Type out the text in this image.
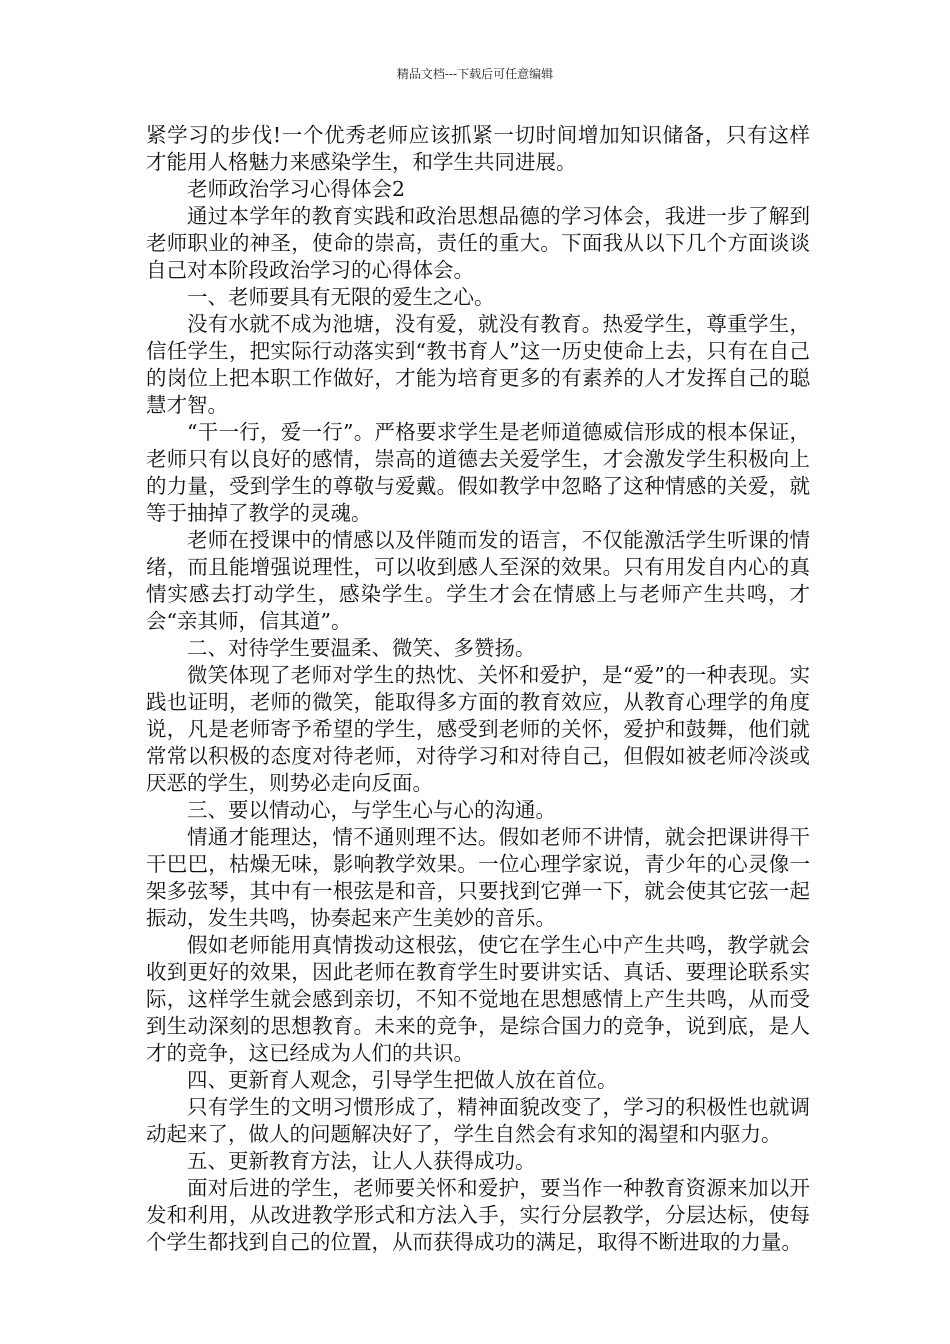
精品文档---下载后可任意编辑

紧学习的步伐!一个优秀老师应该抓紧一切时间增加知识储备，只有这样才能用人格魅力来感染学生，和学生共同进展。

老师政治学习心得体会2

通过本学年的教育实践和政治思想品德的学习体会，我进一步了解到老师职业的神圣，使命的崇高，责任的重大。下面我从以下几个方面谈谈自己对本阶段政治学习的心得体会。

一、老师要具有无限的爱生之心。

没有水就不成为池塘，没有爱，就没有教育。热爱学生，尊重学生，信任学生，把实际行动落实到“教书育人”这一历史使命上去，只有在自己的岗位上把本职工作做好，才能为培育更多的有素养的人才发挥自己的聪慧才智。

“干一行，爱一行”。严格要求学生是老师道德威信形成的根本保证，老师只有以良好的感情，崇高的道德去关爱学生，才会激发学生积极向上的力量，受到学生的尊敬与爱戴。假如教学中忽略了这种情感的关爱，就等于抽掉了教学的灵魂。

老师在授课中的情感以及伴随而发的语言，不仅能激活学生听课的情绪，而且能增强说理性，可以收到感人至深的效果。只有用发自内心的真情实感去打动学生，感染学生。学生才会在情感上与老师产生共鸣，才会“亲其师，信其道”。

二、对待学生要温柔、微笑、多赞扬。

微笑体现了老师对学生的热忱、关怀和爱护，是“爱”的一种表现。实践也证明，老师的微笑，能取得多方面的教育效应，从教育心理学的角度说，凡是老师寄予希望的学生，感受到老师的关怀，爱护和鼓舞，他们就常常以积极的态度对待老师，对待学习和对待自己，但假如被老师冷淡或厌恶的学生，则势必走向反面。

三、要以情动心，与学生心与心的沟通。

情通才能理达，情不通则理不达。假如老师不讲情，就会把课讲得干干巴巴，枯燥无味，影响教学效果。一位心理学家说，青少年的心灵像一架多弦琴，其中有一根弦是和音，只要找到它弹一下，就会使其它弦一起振动，发生共鸣，协奏起来产生美妙的音乐。

假如老师能用真情拨动这根弦，使它在学生心中产生共鸣，教学就会收到更好的效果，因此老师在教育学生时要讲实话、真话、要理论联系实际，这样学生就会感到亲切，不知不觉地在思想感情上产生共鸣，从而受到生动深刻的思想教育。未来的竞争，是综合国力的竞争，说到底，是人才的竞争，这已经成为人们的共识。

四、更新育人观念，引导学生把做人放在首位。

只有学生的文明习惯形成了，精神面貌改变了，学习的积极性也就调动起来了，做人的问题解决好了，学生自然会有求知的渴望和内驱力。

五、更新教育方法，让人人获得成功。

面对后进的学生，老师要关怀和爱护，要当作一种教育资源来加以开发和利用，从改进教学形式和方法入手，实行分层教学，分层达标，使每个学生都找到自己的位置，从而获得成功的满足，取得不断进取的力量。
